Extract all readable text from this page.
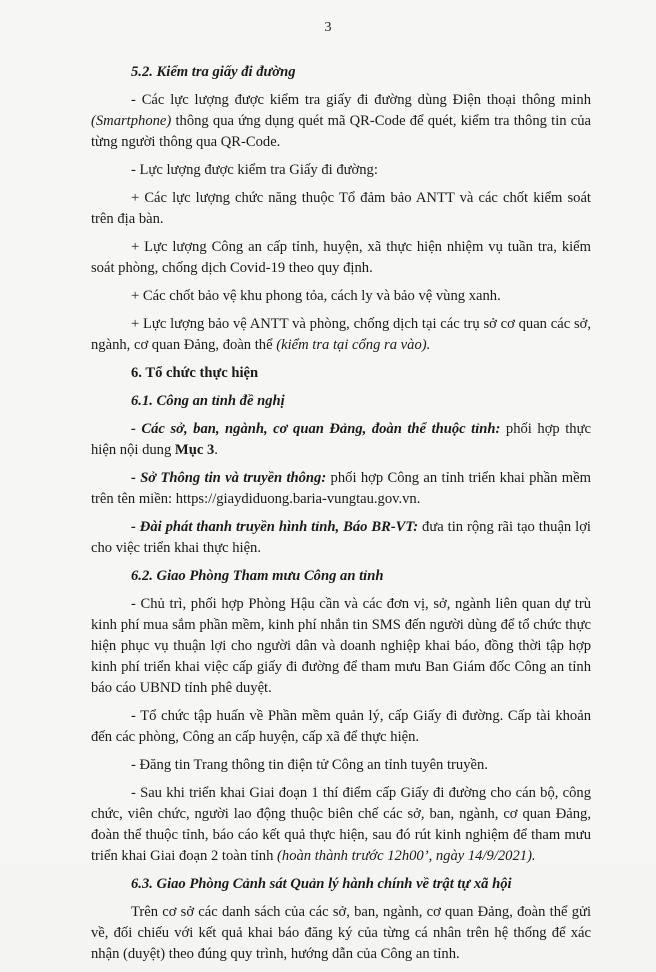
3

5.2. Kiểm tra giấy đi đường

- Các lực lượng được kiểm tra giấy đi đường dùng Điện thoại thông minh (Smartphone) thông qua ứng dụng quét mã QR-Code để quét, kiểm tra thông tin của từng người thông qua QR-Code.

- Lực lượng được kiểm tra Giấy đi đường:

+ Các lực lượng chức năng thuộc Tổ đảm bảo ANTT và các chốt kiểm soát trên địa bàn.

+ Lực lượng Công an cấp tỉnh, huyện, xã thực hiện nhiệm vụ tuần tra, kiểm soát phòng, chống dịch Covid-19 theo quy định.

+ Các chốt bảo vệ khu phong tỏa, cách ly và bảo vệ vùng xanh.

+ Lực lượng bảo vệ ANTT và phòng, chống dịch tại các trụ sở cơ quan các sở, ngành, cơ quan Đảng, đoàn thể (kiểm tra tại cổng ra vào).

6. Tổ chức thực hiện

6.1. Công an tỉnh đề nghị

- Các sở, ban, ngành, cơ quan Đảng, đoàn thể thuộc tỉnh: phối hợp thực hiện nội dung Mục 3.

- Sở Thông tin và truyền thông: phối hợp Công an tỉnh triển khai phần mềm trên tên miền: https://giaydiduong.baria-vungtau.gov.vn.

- Đài phát thanh truyền hình tỉnh, Báo BR-VT: đưa tin rộng rãi tạo thuận lợi cho việc triển khai thực hiện.

6.2. Giao Phòng Tham mưu Công an tỉnh

- Chủ trì, phối hợp Phòng Hậu cần và các đơn vị, sở, ngành liên quan dự trù kinh phí mua sắm phần mềm, kinh phí nhắn tin SMS đến người dùng để tổ chức thực hiện phục vụ thuận lợi cho người dân và doanh nghiệp khai báo, đồng thời tập hợp kinh phí triển khai việc cấp giấy đi đường để tham mưu Ban Giám đốc Công an tỉnh báo cáo UBND tỉnh phê duyệt.

- Tổ chức tập huấn về Phần mềm quản lý, cấp Giấy đi đường. Cấp tài khoản đến các phòng, Công an cấp huyện, cấp xã để thực hiện.

- Đăng tin Trang thông tin điện tử Công an tỉnh tuyên truyền.

- Sau khi triển khai Giai đoạn 1 thí điểm cấp Giấy đi đường cho cán bộ, công chức, viên chức, người lao động thuộc biên chế các sở, ban, ngành, cơ quan Đảng, đoàn thể thuộc tỉnh, báo cáo kết quả thực hiện, sau đó rút kinh nghiệm để tham mưu triển khai Giai đoạn 2 toàn tỉnh (hoàn thành trước 12h00’, ngày 14/9/2021).

6.3. Giao Phòng Cảnh sát Quản lý hành chính về trật tự xã hội

Trên cơ sở các danh sách của các sở, ban, ngành, cơ quan Đảng, đoàn thể gửi về, đối chiếu với kết quả khai báo đăng ký của từng cá nhân trên hệ thống để xác nhận (duyệt) theo đúng quy trình, hướng dẫn của Công an tỉnh.
